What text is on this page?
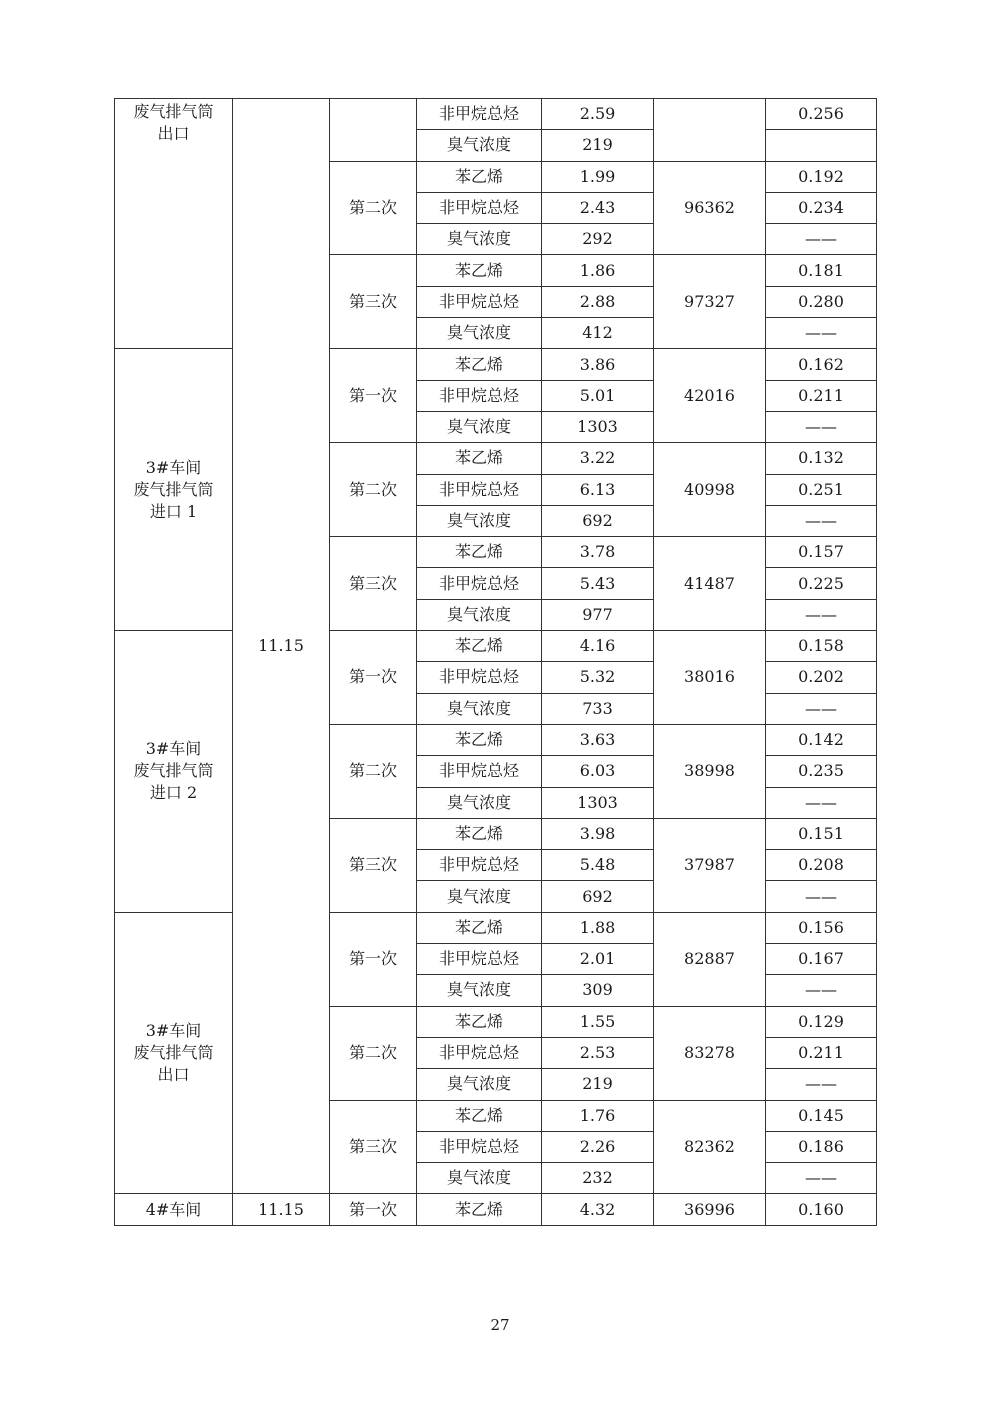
废气排气筒
出口	11.15		非甲烷总烃	2.59		0.256
			臭气浓度	219		
		第二次	苯乙烯	1.99	96362	0.192
			非甲烷总烃	2.43		0.234
			臭气浓度	292		——
		第三次	苯乙烯	1.86	97327	0.181
			非甲烷总烃	2.88		0.280
			臭气浓度	412		——
3#车间
废气排气筒
进口 1		第一次	苯乙烯	3.86	42016	0.162
			非甲烷总烃	5.01		0.211
			臭气浓度	1303		——
		第二次	苯乙烯	3.22	40998	0.132
			非甲烷总烃	6.13		0.251
			臭气浓度	692		——
		第三次	苯乙烯	3.78	41487	0.157
			非甲烷总烃	5.43		0.225
			臭气浓度	977		——
3#车间
废气排气筒
进口 2		第一次	苯乙烯	4.16	38016	0.158
			非甲烷总烃	5.32		0.202
			臭气浓度	733		——
		第二次	苯乙烯	3.63	38998	0.142
			非甲烷总烃	6.03		0.235
			臭气浓度	1303		——
		第三次	苯乙烯	3.98	37987	0.151
			非甲烷总烃	5.48		0.208
			臭气浓度	692		——
3#车间
废气排气筒
出口		第一次	苯乙烯	1.88	82887	0.156
			非甲烷总烃	2.01		0.167
			臭气浓度	309		——
		第二次	苯乙烯	1.55	83278	0.129
			非甲烷总烃	2.53		0.211
			臭气浓度	219		——
		第三次	苯乙烯	1.76	82362	0.145
			非甲烷总烃	2.26		0.186
			臭气浓度	232		——
4#车间	11.15	第一次	苯乙烯	4.32	36996	0.160
27
